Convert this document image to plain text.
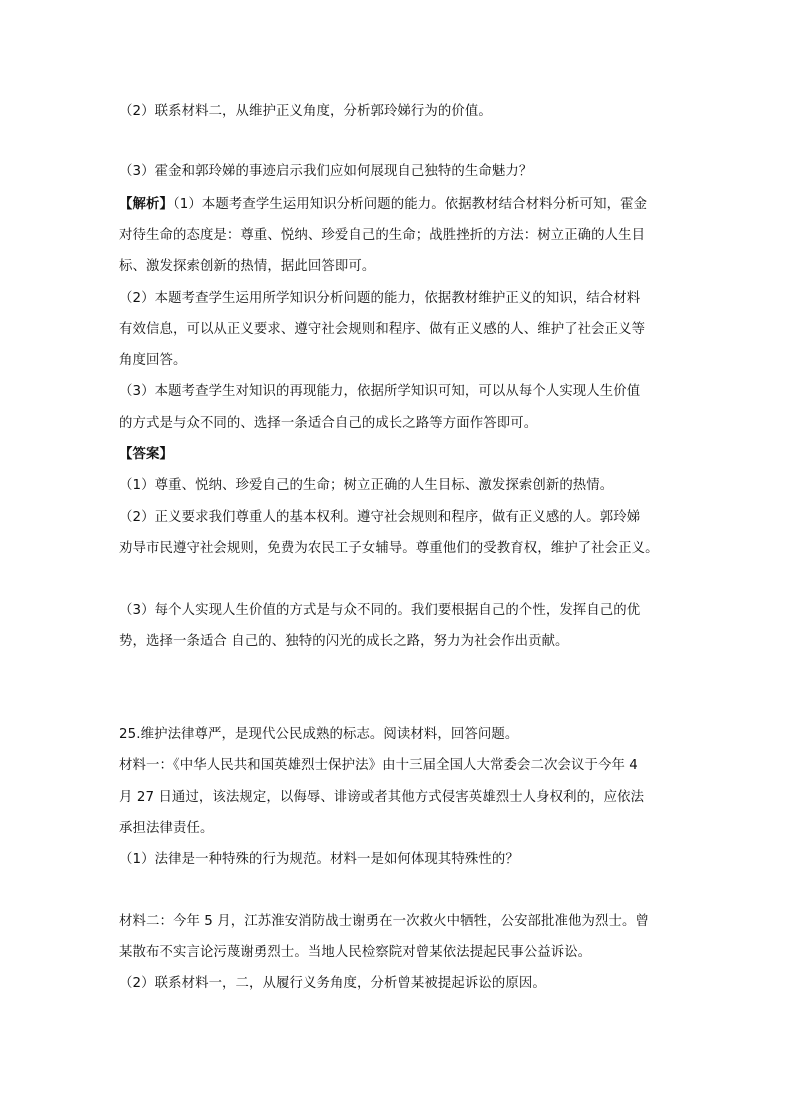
（2）联系材料二，从维护正义角度，分析郭玲娣行为的价值。
（3）霍金和郭玲娣的事迹启示我们应如何展现自己独特的生命魅力？
【解析】（1）本题考查学生运用知识分析问题的能力。依据教材结合材料分析可知，霍金
对待生命的态度是：尊重、悦纳、珍爱自己的生命；战胜挫折的方法：树立正确的人生目
标、激发探索创新的热情，据此回答即可。
（2）本题考查学生运用所学知识分析问题的能力，依据教材维护正义的知识，结合材料
有效信息，可以从正义要求、遵守社会规则和程序、做有正义感的人、维护了社会正义等
角度回答。
（3）本题考查学生对知识的再现能力，依据所学知识可知，可以从每个人实现人生价值
的方式是与众不同的、选择一条适合自己的成长之路等方面作答即可。
【答案】
（1）尊重、悦纳、珍爱自己的生命；树立正确的人生目标、激发探索创新的热情。
（2）正义要求我们尊重人的基本权利。遵守社会规则和程序，做有正义感的人。郭玲娣
劝导市民遵守社会规则，免费为农民工子女辅导。尊重他们的受教育权，维护了社会正义。
（3）每个人实现人生价值的方式是与众不同的。我们要根据自己的个性，发挥自己的优
势，选择一条适合 自己的、独特的闪光的成长之路，努力为社会作出贡献。
25.维护法律尊严，是现代公民成熟的标志。阅读材料，回答问题。
材料一：《中华人民共和国英雄烈士保护法》由十三届全国人大常委会二次会议于今年 4
月 27 日通过，该法规定，以侮辱、诽谤或者其他方式侵害英雄烈士人身权利的，应依法
承担法律责任。
（1）法律是一种特殊的行为规范。材料一是如何体现其特殊性的？
材料二：今年 5 月，江苏淮安消防战士谢勇在一次救火中牺牲，公安部批准他为烈士。曾
某散布不实言论污蔑谢勇烈士。当地人民检察院对曾某依法提起民事公益诉讼。
（2）联系材料一，二，从履行义务角度，分析曾某被提起诉讼的原因。
